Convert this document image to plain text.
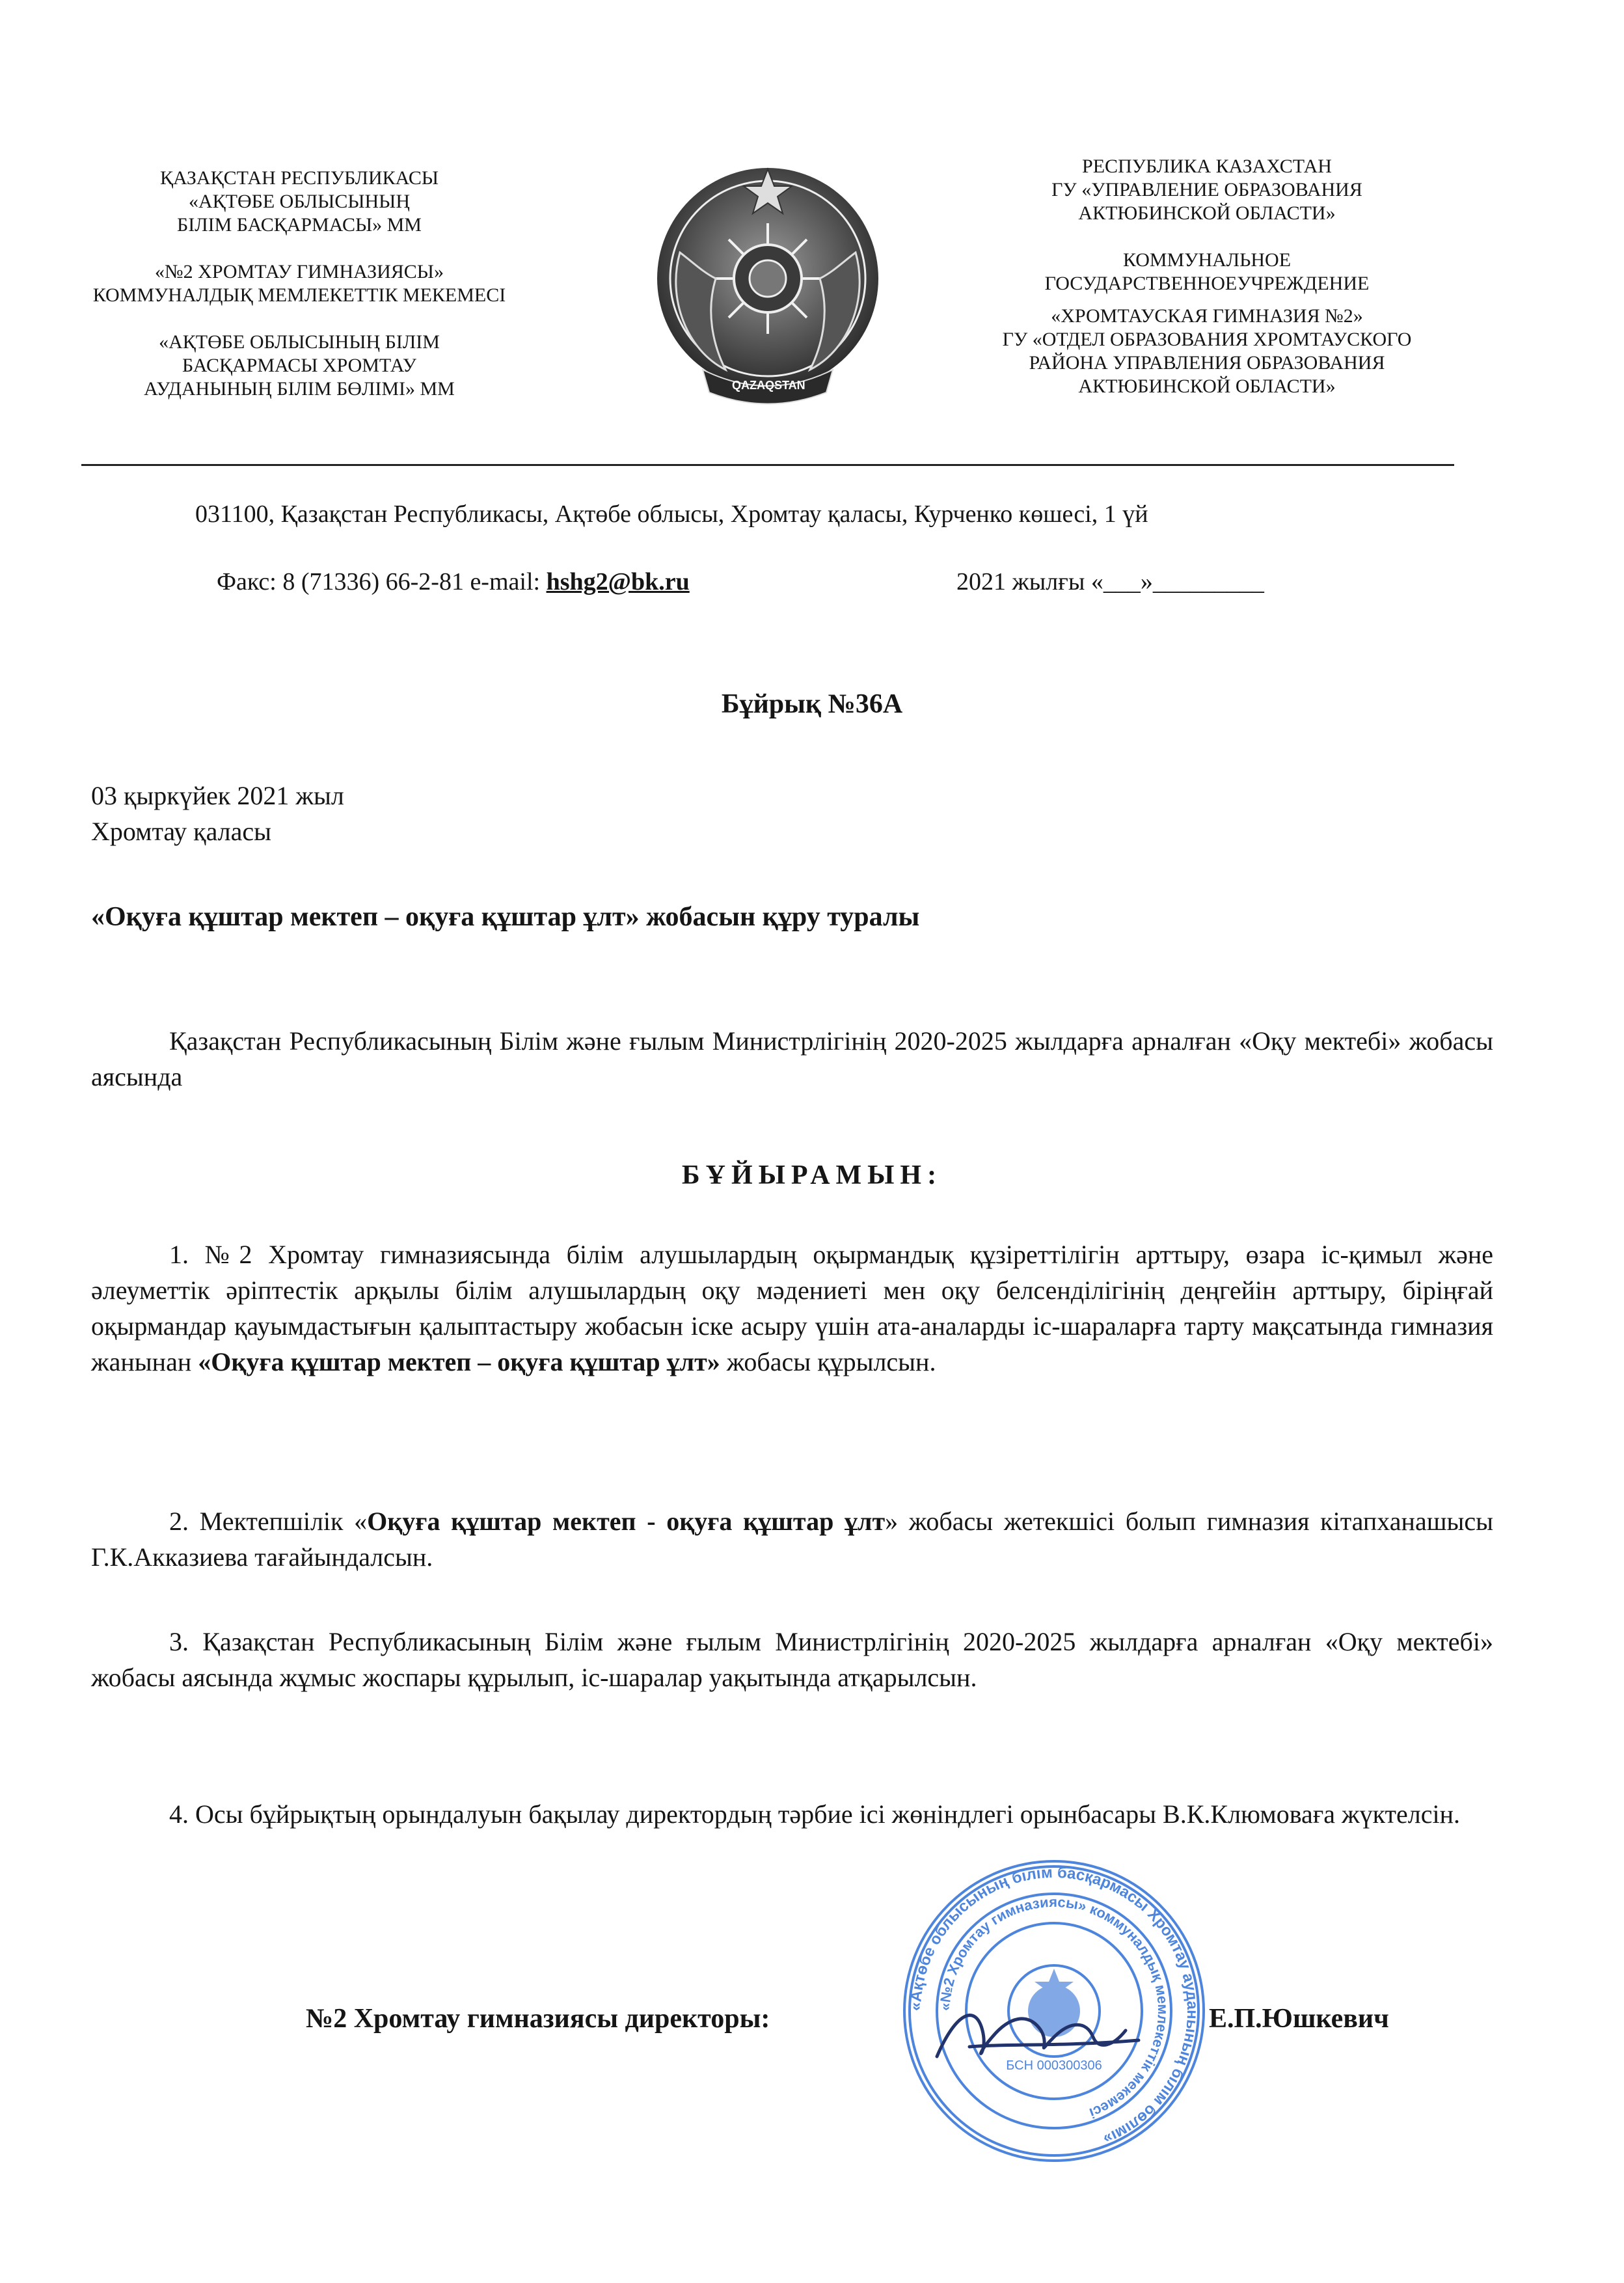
ҚАЗАҚСТАН РЕСПУБЛИКАСЫ
«АҚТӨБЕ ОБЛЫСЫНЫҢ
БІЛІМ БАСҚАРМАСЫ» ММ
«№2 ХРОМТАУ ГИМНАЗИЯСЫ»
КОММУНАЛДЫҚ МЕМЛЕКЕТТІК МЕКЕМЕСІ
«АҚТӨБЕ ОБЛЫСЫНЫҢ БІЛІМ
БАСҚАРМАСЫ ХРОМТАУ
АУДАНЫНЫҢ БІЛІМ БӨЛІМІ» ММ	QAZAQSTAN
РЕСПУБЛИКА КАЗАХСТАН
ГУ «УПРАВЛЕНИЕ ОБРАЗОВАНИЯ
АКТЮБИНСКОЙ ОБЛАСТИ»
КОММУНАЛЬНОЕ
ГОСУДАРСТВЕННОЕУЧРЕЖДЕНИЕ
«ХРОМТАУСКАЯ ГИМНАЗИЯ №2»
ГУ «ОТДЕЛ ОБРАЗОВАНИЯ ХРОМТАУСКОГО
РАЙОНА УПРАВЛЕНИЯ ОБРАЗОВАНИЯ
АКТЮБИНСКОЙ ОБЛАСТИ»
031100, Қазақстан Республикасы, Ақтөбе облысы, Хромтау қаласы, Курченко көшесі, 1 үй
Факс: 8 (71336) 66-2-81 e-mail: hshg2@bk.ru	2021 жылғы «___»_________
Бұйрық №36А
03 қыркүйек 2021 жыл
Хромтау қаласы
«Оқуға құштар мектеп – оқуға құштар ұлт» жобасын құру туралы
Қазақстан Республикасының Білім және ғылым Министрлігінің 2020-2025 жылдарға арналған «Оқу мектебі» жобасы аясында
БҰЙЫРАМЫН:
1. №2 Хромтау гимназиясында білім алушылардың оқырмандық құзіреттілігін арттыру, өзара іс-қимыл және әлеуметтік әріптестік арқылы білім алушылардың оқу мәдениеті мен оқу белсенділігінің деңгейін арттыру, біріңғай оқырмандар қауымдастығын қалыптастыру жобасын іске асыру үшін ата-аналарды іс-шараларға тарту мақсатында гимназия жанынан «Оқуға құштар мектеп – оқуға құштар ұлт» жобасы құрылсын.
2. Мектепшілік «Оқуға құштар мектеп - оқуға құштар ұлт» жобасы жетекшісі болып гимназия кітапханашысы Г.К.Акказиева тағайындалсын.
3. Қазақстан Республикасының Білім және ғылым Министрлігінің 2020-2025 жылдарға арналған «Оқу мектебі» жобасы аясында жұмыс жоспары құрылып, іс-шаралар уақытында атқарылсын.
4. Осы бұйрықтың орындалуын бақылау директордың тәрбие ісі жөніндлегі орынбасары В.К.Клюмоваға жүктелсін.
«Ақтөбе облысының білім басқармасы Хромтау ауданының білім бөлімі»
«№2 Хромтау гимназиясы» коммуналдық мемлекеттік мекемесі
БСН 000300306
№2 Хромтау гимназиясы директоры:	Е.П.Юшкевич
